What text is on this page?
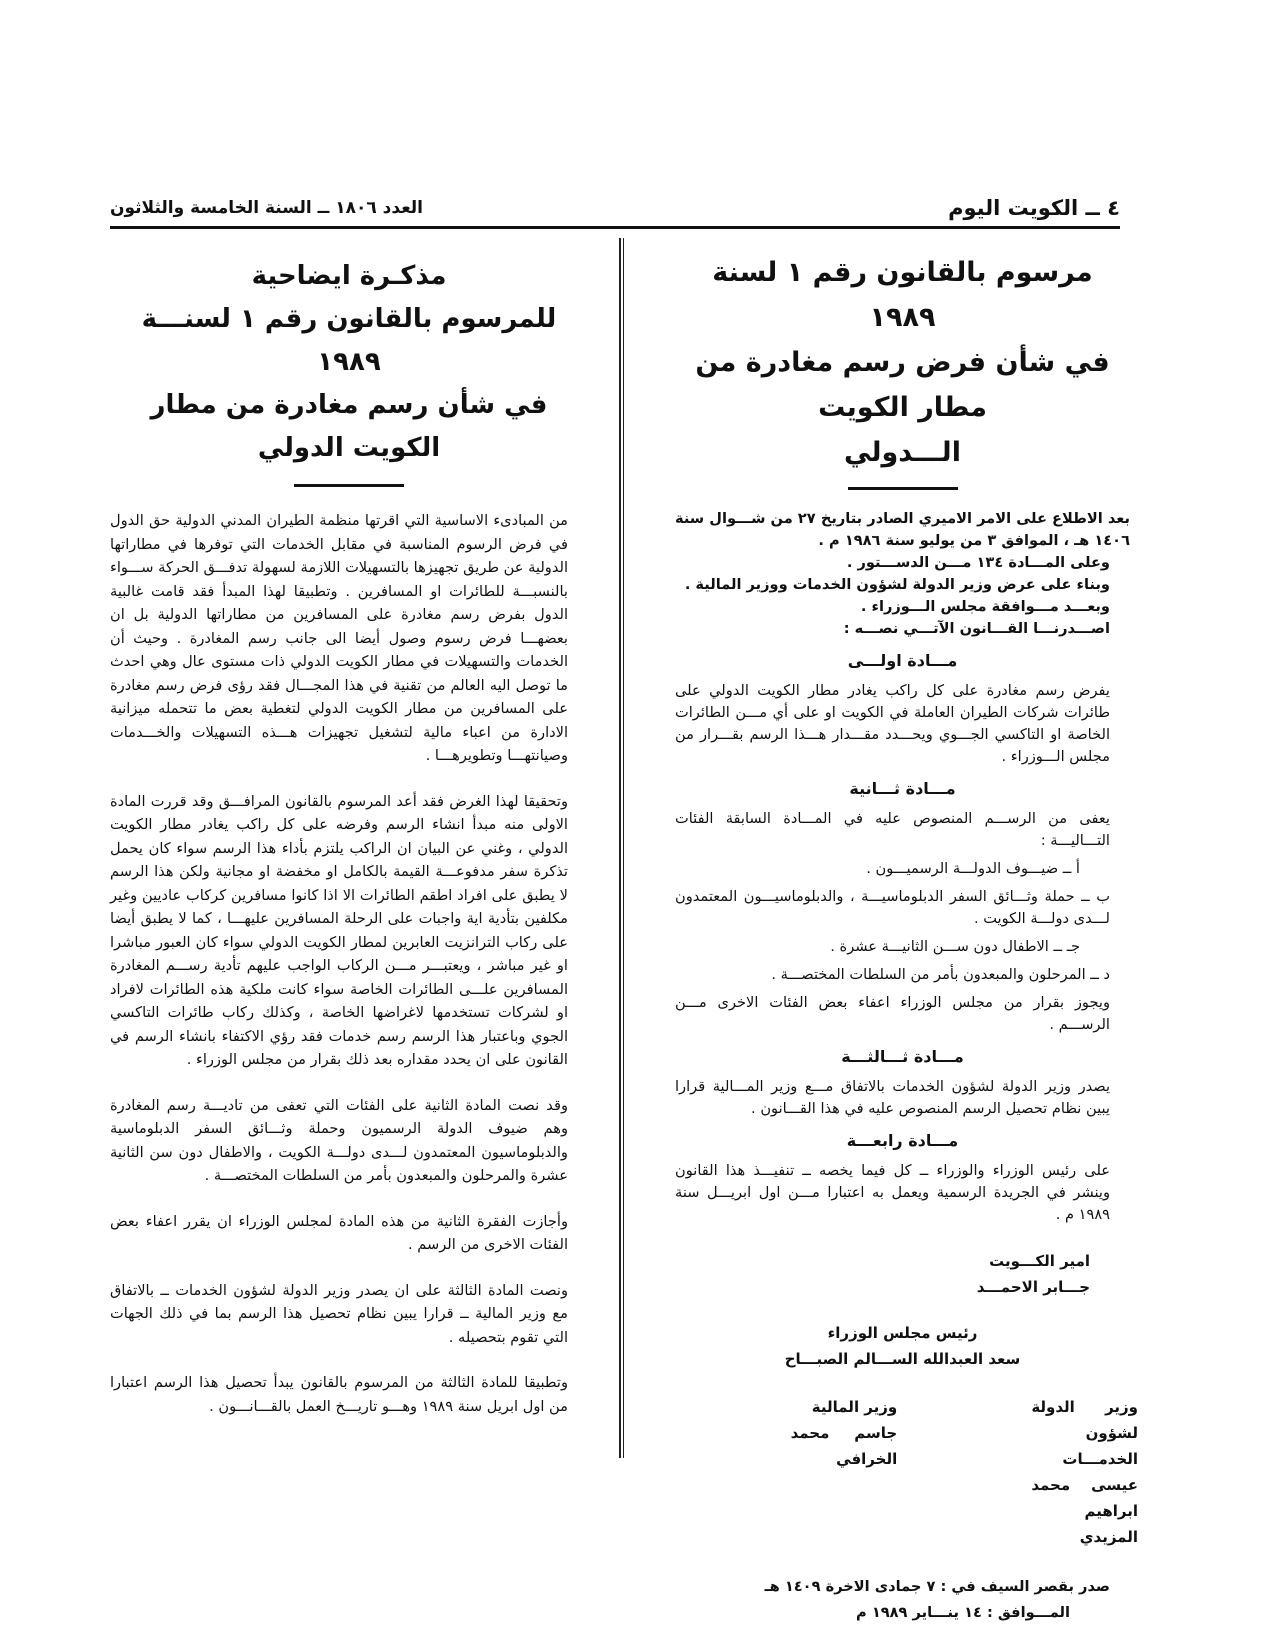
٤ ــ الكويت اليوم
العدد ١٨٠٦ ــ السنة الخامسة والثلاثون
مرسوم بالقانون رقم ١ لسنة ١٩٨٩
في شأن فرض رسم مغادرة من مطار الكويت
الـــدولي

بعد الاطلاع على الامر الاميري الصادر بتاريخ ٢٧ من شـــوال سنة ١٤٠٦ هـ ، الموافق ٣ من يوليو سنة ١٩٨٦ م .

وعلى المـــادة ١٣٤ مـــن الدســـتور .

وبناء على عرض وزير الدولة لشؤون الخدمات ووزير المالية .

وبعـــد مـــوافقة مجلس الـــوزراء .

اصـــدرنـــا القـــانون الآتـــي نصـــه :

مـــادة اولـــى

يفرض رسم مغادرة على كل راكب يغادر مطار الكويت الدولي على طائرات شركات الطيران العاملة في الكويت او على أي مـــن الطائرات الخاصة او التاكسي الجـــوي ويحـــدد مقـــدار هـــذا الرسم بقـــرار من مجلس الـــوزراء .

مـــادة ثـــانية

يعفى من الرســـم المنصوص عليه في المـــادة السابقة الفئات التـــاليـــة :

أ ــ ضيـــوف الدولـــة الرسميـــون .

ب ــ حملة وثـــائق السفر الدبلوماسيـــة ، والدبلوماسيـــون المعتمدون لـــدى دولـــة الكويت .

جـ ــ الاطفال دون ســـن الثانيـــة عشرة .

د ــ المرحلون والمبعدون بأمر من السلطات المختصـــة .

ويجوز بقرار من مجلس الوزراء اعفاء بعض الفئات الاخرى مـــن الرســـم .

مـــادة ثـــالثـــة

يصدر وزير الدولة لشؤون الخدمات بالاتفاق مـــع وزير المـــالية قرارا يبين نظام تحصيل الرسم المنصوص عليه في هذا القـــانون .

مـــادة رابعـــة

على رئيس الوزراء والوزراء ــ كل فيما يخصه ــ تنفيـــذ هذا القانون وينشر في الجريدة الرسمية ويعمل به اعتبارا مـــن اول ابريـــل سنة ١٩٨٩ م .

امير الكـــويت
جـــابر الاحمـــد
رئيس مجلس الوزراء
سعد العبدالله الســـالم الصبـــاح
وزير الدولة لشؤون الخدمـــات
عيسى محمد ابراهيم المزيدي
وزير المالية
جاسم محمد الخرافي
صدر بقصر السيف في : ٧ جمادى الاخرة ١٤٠٩ هـ
المـــوافق : ١٤ ينـــاير ١٩٨٩ م
مذكـرة ايضاحية
للمرسوم بالقانون رقم ١ لسنـــة ١٩٨٩
في شأن رسم مغادرة من مطار الكويت الدولي

من المبادىء الاساسية التي اقرتها منظمة الطيران المدني الدولية حق الدول في فرض الرسوم المناسبة في مقابل الخدمات التي توفرها في مطاراتها الدولية عن طريق تجهيزها بالتسهيلات اللازمة لسهولة تدفـــق الحركة ســـواء بالنسبـــة للطائرات او المسافرين . وتطبيقا لهذا المبدأ فقد قامت غالبية الدول بفرض رسم مغادرة على المسافرين من مطاراتها الدولية بل ان بعضهـــا فرض رسوم وصول أيضا الى جانب رسم المغادرة . وحيث أن الخدمات والتسهيلات في مطار الكويت الدولي ذات مستوى عال وهي احدث ما توصل اليه العالم من تقنية في هذا المجـــال فقد رؤى فرض رسم مغادرة على المسافرين من مطار الكويت الدولي لتغطية بعض ما تتحمله ميزانية الادارة من اعباء مالية لتشغيل تجهيزات هـــذه التسهيلات والخـــدمات وصيانتهـــا وتطويرهـــا .

وتحقيقا لهذا الغرض فقد أعد المرسوم بالقانون المرافـــق وقد قررت المادة الاولى منه مبدأ انشاء الرسم وفرضه على كل راكب يغادر مطار الكويت الدولي ، وغني عن البيان ان الراكب يلتزم بأداء هذا الرسم سواء كان يحمل تذكرة سفر مدفوعـــة القيمة بالكامل او مخفضة او مجانية ولكن هذا الرسم لا يطبق على افراد اطقم الطائرات الا اذا كانوا مسافرين كركاب عاديين وغير مكلفين بتأدية اية واجبات على الرحلة المسافرين عليهـــا ، كما لا يطبق أيضا على ركاب الترانزيت العابرين لمطار الكويت الدولي سواء كان العبور مباشرا او غير مباشر ، ويعتبـــر مـــن الركاب الواجب عليهم تأدية رســـم المغادرة المسافرين علـــى الطائرات الخاصة سواء كانت ملكية هذه الطائرات لافراد او لشركات تستخدمها لاغراضها الخاصة ، وكذلك ركاب طائرات التاكسي الجوي وباعتبار هذا الرسم رسم خدمات فقد رؤي الاكتفاء بانشاء الرسم في القانون على ان يحدد مقداره بعد ذلك بقرار من مجلس الوزراء .

وقد نصت المادة الثانية على الفئات التي تعفى من تاديـــة رسم المغادرة وهم ضيوف الدولة الرسميون وحملة وثـــائق السفر الدبلوماسية والدبلوماسيون المعتمدون لـــدى دولـــة الكويت ، والاطفال دون سن الثانية عشرة والمرحلون والمبعدون بأمر من السلطات المختصـــة .

وأجازت الفقرة الثانية من هذه المادة لمجلس الوزراء ان يقرر اعفاء بعض الفئات الاخرى من الرسم .

ونصت المادة الثالثة على ان يصدر وزير الدولة لشؤون الخدمات ــ بالاتفاق مع وزير المالية ــ قرارا يبين نظام تحصيل هذا الرسم بما في ذلك الجهات التي تقوم بتحصيله .

وتطبيقا للمادة الثالثة من المرسوم بالقانون يبدأ تحصيل هذا الرسم اعتبارا من اول ابريل سنة ١٩٨٩ وهـــو تاريـــخ العمل بالقـــانـــون .
